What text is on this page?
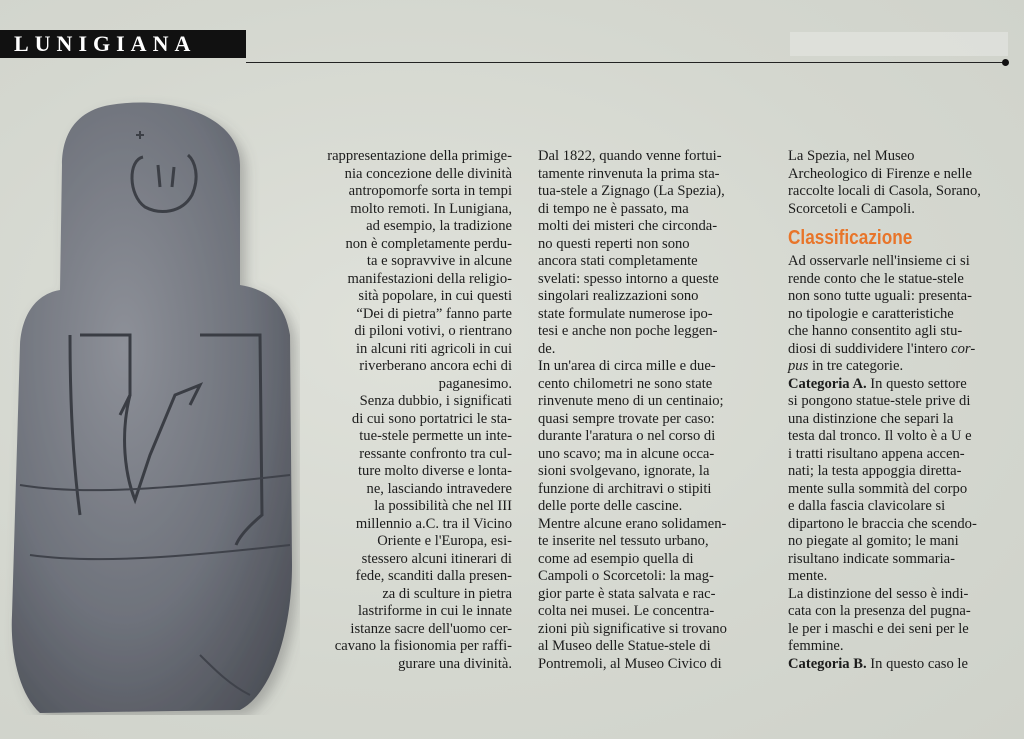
LUNIGIANA
rappresentazione della primige-
nia concezione delle divinità
antropomorfe sorta in tempi
molto remoti. In Lunigiana,
ad esempio, la tradizione
non è completamente perdu-
ta e sopravvive in alcune
manifestazioni della religio-
sità popolare, in cui questi
“Dei di pietra” fanno parte
di piloni votivi, o rientrano
in alcuni riti agricoli in cui
riverberano ancora echi di
paganesimo.
Senza dubbio, i significati
di cui sono portatrici le sta-
tue-stele permette un inte-
ressante confronto tra cul-
ture molto diverse e lonta-
ne, lasciando intravedere
la possibilità che nel III
millennio a.C. tra il Vicino
Oriente e l'Europa, esi-
stessero alcuni itinerari di
fede, scanditi dalla presen-
za di sculture in pietra
lastriforme in cui le innate
istanze sacre dell'uomo cer-
cavano la fisionomia per raffi-
gurare una divinità.
Dal 1822, quando venne fortui-
tamente rinvenuta la prima sta-
tua-stele a Zignago (La Spezia),
di tempo ne è passato, ma
molti dei misteri che circonda-
no questi reperti non sono
ancora stati completamente
svelati: spesso intorno a queste
singolari realizzazioni sono
state formulate numerose ipo-
tesi e anche non poche leggen-
de.
In un'area di circa mille e due-
cento chilometri ne sono state
rinvenute meno di un centinaio;
quasi sempre trovate per caso:
durante l'aratura o nel corso di
uno scavo; ma in alcune occa-
sioni svolgevano, ignorate, la
funzione di architravi o stipiti
delle porte delle cascine.
Mentre alcune erano solidamen-
te inserite nel tessuto urbano,
come ad esempio quella di
Campoli o Scorcetoli: la mag-
gior parte è stata salvata e rac-
colta nei musei. Le concentra-
zioni più significative si trovano
al Museo delle Statue-stele di
Pontremoli, al Museo Civico di
La Spezia, nel Museo
Archeologico di Firenze e nelle
raccolte locali di Casola, Sorano,
Scorcetoli e Campoli.
Classificazione
Ad osservarle nell'insieme ci si
rende conto che le statue-stele
non sono tutte uguali: presenta-
no tipologie e caratteristiche
che hanno consentito agli stu-
diosi di suddividere l'intero cor-
pus in tre categorie.
Categoria A. In questo settore
si pongono statue-stele prive di
una distinzione che separi la
testa dal tronco. Il volto è a U e
i tratti risultano appena accen-
nati; la testa appoggia diretta-
mente sulla sommità del corpo
e dalla fascia clavicolare si
dipartono le braccia che scendo-
no piegate al gomito; le mani
risultano indicate sommaria-
mente.
La distinzione del sesso è indi-
cata con la presenza del pugna-
le per i maschi e dei seni per le
femmine.
Categoria B. In questo caso le
